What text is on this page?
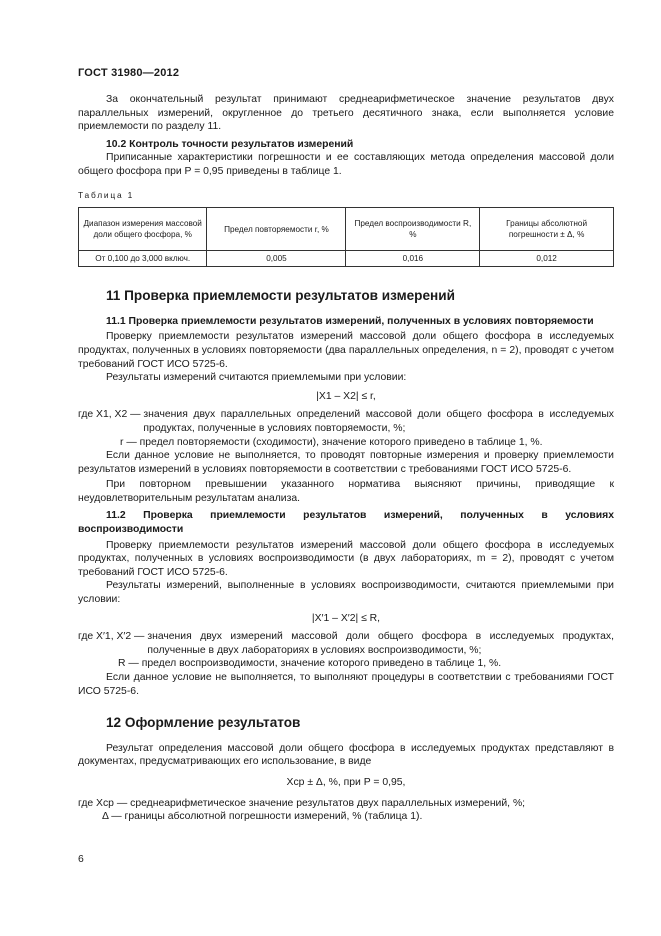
ГОСТ 31980—2012

За окончательный результат принимают среднеарифметическое значение результатов двух параллельных измерений, округленное до третьего десятичного знака, если выполняется условие приемлемости по разделу 11.

10.2 Контроль точности результатов измерений

Приписанные характеристики погрешности и ее составляющих метода определения массовой доли общего фосфора при P = 0,95 приведены в таблице 1.

Таблица 1
Диапазон измерения массовой доли общего фосфора, %	Предел повторяемости r, %	Предел воспроизводимости R, %	Границы абсолютной погрешности ± Δ, %
От 0,100 до 3,000 включ.	0,005	0,016	0,012

11 Проверка приемлемости результатов измерений

11.1 Проверка приемлемости результатов измерений, полученных в условиях повторяемости

Проверку приемлемости результатов измерений массовой доли общего фосфора в исследуемых продуктах, полученных в условиях повторяемости (два параллельных определения, n = 2), проводят с учетом требований ГОСТ ИСО 5725-6.

Результаты измерений считаются приемлемыми при условии:

|X1 – X2| ≤ r,
где X1, X2 —
значения двух параллельных определений массовой доли общего фосфора в исследуемых продуктах, полученные в условиях повторяемости, %;
r —
предел повторяемости (сходимости), значение которого приведено в таблице 1, %.

Если данное условие не выполняется, то проводят повторные измерения и проверку приемлемости результатов измерений в условиях повторяемости в соответствии с требованиями ГОСТ ИСО 5725-6.

При повторном превышении указанного норматива выясняют причины, приводящие к неудовлетворительным результатам анализа.

11.2 Проверка приемлемости результатов измерений, полученных в условиях воспроизводимости

Проверку приемлемости результатов измерений массовой доли общего фосфора в исследуемых продуктах, полученных в условиях воспроизводимости (в двух лабораториях, m = 2), проводят с учетом требований ГОСТ ИСО 5725-6.

Результаты измерений, выполненные в условиях воспроизводимости, считаются приемлемыми при условии:

|X′1 – X′2| ≤ R,
где X′1, X′2 —
значения двух измерений массовой доли общего фосфора в исследуемых продуктах, полученные в двух лабораториях в условиях воспроизводимости, %;
R —
предел воспроизводимости, значение которого приведено в таблице 1, %.

Если данное условие не выполняется, то выполняют процедуры в соответствии с требованиями ГОСТ ИСО 5725-6.

12 Оформление результатов

Результат определения массовой доли общего фосфора в исследуемых продуктах представляют в документах, предусматривающих его использование, в виде

Xср ± Δ, %, при P = 0,95,
где Xср —
среднеарифметическое значение результатов двух параллельных измерений, %;
Δ —
границы абсолютной погрешности измерений, % (таблица 1).
6
